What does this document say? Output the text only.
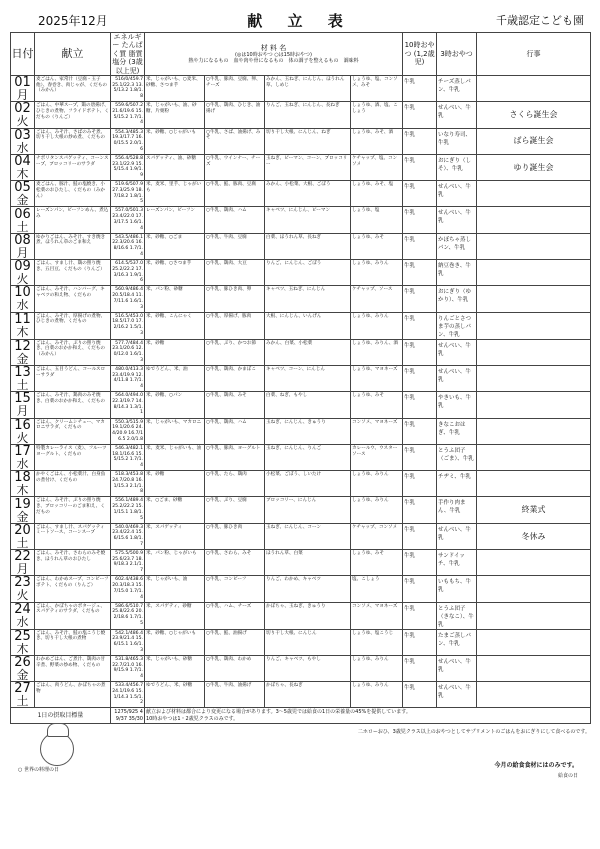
2025年12月	献 立 表	千歳認定こども園
日付	献立	エネルギー たんぱく質 脂質 塩分 (3歳以上児)	材 料 名
(◎は10時おやつ ○は15時おやつ)
熱や力になるもの　 血や肉や骨になるもの　 体の調子を整えるもの　 調味料				10時おやつ (1,2歳児)	3時おやつ	行事

01
月	麦ごはん、家常汁（豆腐・玉子他）、春巻き、肉じゃが、くだもの（みかん）	516/0/459.7 25.1/22.3 13.5/13.2 1.8/1.8	米、じゃがいも、○麦米、砂糖、さつま芋	○牛乳、豚肉、豆腐、卵、チーズ	みかん、玉ねぎ、にんじん、ほうれん草、しめじ	しょうゆ、塩、コンソメ、みそ	牛乳	チーズ蒸しパン、牛乳	

02
火	ごはん、中華スープ、鶏の唐揚げ、ひじきの煮物、フライドポテト、くだもの（りんご）	559.6/507.2 21.6/19.6 15.5/15.2 1.7/1.4	米、じゃがいも、油、砂糖、片栗粉	○牛乳、鶏肉、ひじき、油揚げ	りんご、玉ねぎ、にんじん、長ねぎ	しょうゆ、酒、塩、こしょう	牛乳	せんべい、牛乳	さくら誕生会

03
水	ごはん、みそ汁、さばのみそ煮、切り干し大根の炒め煮、くだもの	554.3/485.3 19.3/17.7 16.0/15.5 2.0/1.6	米、砂糖、○じゃがいも	○牛乳、さば、油揚げ、みそ	切り干し大根、にんじん、ねぎ	しょうゆ、みそ、酒	牛乳	いなり寿司、牛乳	ばら誕生会

04
木	ナポリタンスパゲッティ、コーンスープ、ブロッコリーのサラダ	556.4/528.8 23.1/22.9 15.5/15.4 1.9/1.9	スパゲッティ、油、砂糖	○牛乳、ウインナー、チーズ	玉ねぎ、ピーマン、コーン、ブロッコリー	ケチャップ、塩、コンソメ	牛乳	おにぎり（しそ）、牛乳	ゆり誕生会

05
金	麦ごはん、豚汁、鮭の塩焼き、小松菜のおひたし、くだもの（みかん）	519.6/507.9 27.3/25.9 18.7/18.2 1.8/1.5	米、麦米、里芋、じゃがいも	○牛乳、鮭、豚肉、豆腐	みかん、小松菜、大根、ごぼう	しょうゆ、みそ、塩	牛乳	せんべい、牛乳	

06
土	レーズンパン、ビーフンめん、煮込み	557.0/501.3 23.4/22.0 17.3/17.5 1.6/1.4	レーズンパン、ビーフン	○牛乳、鶏肉、ハム	キャベツ、にんじん、ピーマン	しょうゆ、塩	牛乳	せんべい、牛乳	

08
月	ゆかりごはん、みそ汁、すき焼き煮、ほうれん草のごま和え	543.5/486.1 22.3/20.6 16.8/16.6 1.7/1.4	米、砂糖、○ごま	○牛乳、牛肉、豆腐	白菜、ほうれん草、長ねぎ	しょうゆ、みそ	牛乳	かぼちゃ蒸しパン、牛乳	

09
火	ごはん、すまし汁、鶏の照り焼き、五目豆、くだもの（りんご）	614.5/537.0 25.2/22.2 17.3/16.3 1.9/1.6	米、砂糖、○さつま芋	○牛乳、鶏肉、大豆	りんご、にんじん、ごぼう	しょうゆ、みりん	牛乳	納豆巻き、牛乳	

10
水	ごはん、みそ汁、ハンバーグ、キャベツの和え物、くだもの	560.9/486.4 20.5/18.4 11.7/11.6 1.6/1.3	米、パン粉、砂糖	○牛乳、豚ひき肉、卵	キャベツ、玉ねぎ、にんじん	ケチャップ、ソース	牛乳	おにぎり（ゆかり）、牛乳	

11
木	ごはん、みそ汁、厚揚げの煮物、ひじきの煮物、くだもの	516.5/453.0 18.5/17.0 17.2/16.2 1.5/1.3	米、砂糖、こんにゃく	○牛乳、厚揚げ、豚肉	大根、にんじん、いんげん	しょうゆ、みりん	牛乳	りんごとさつま芋の蒸しパン、牛乳	

12
金	ごはん、みそ汁、ぶりの照り焼き、白菜のおかか和え、くだもの（みかん）	577.7/484.4 23.1/20.6 12.0/12.0 1.6/1.3	米、砂糖	○牛乳、ぶり、かつお節	みかん、白菜、小松菜	しょうゆ、みりん、酒	牛乳	せんべい、牛乳	

13
土	ごはん、五目うどん、コールスローサラダ	480.0/413.3 23.4/19.9 12.4/11.8 1.7/1.4	ゆでうどん、米、油	○牛乳、鶏肉、かまぼこ	キャベツ、コーン、にんじん	しょうゆ、マヨネーズ	牛乳	せんべい、牛乳	

15
月	ごはん、みそ汁、鶏肉のみそ焼き、白菜のおかか和え、くだもの	564.0/494.0 22.3/19.7 14.8/14.3 1.3/1.1	米、砂糖、○パン	○牛乳、鶏肉、みそ	白菜、ねぎ、もやし	しょうゆ、みそ	牛乳	やきいも、牛乳	

16
火	ごはん、クリームシチュー、マカロニサラダ、くだもの	550.3/515.9 19.1/20.6 24.4/20.9 16.7/16.5 2.0/1.8	米、じゃがいも、マカロニ	○牛乳、鶏肉、ハム	玉ねぎ、にんじん、きゅうり	コンソメ、マヨネーズ	牛乳	きなこおはぎ、牛乳	

17
水	特製カレーライス（麦）、フルーツヨーグルト、くだもの	546.3/482.1 18.1/16.6 15.5/15.2 1.7/1.4	米、麦米、じゃがいも、油	○牛乳、豚肉、ヨーグルト	玉ねぎ、にんじん、りんご	カレールウ、ウスターソース	牛乳	とうふ団子（ごま）、牛乳	

18
木	かやくごはん、小松菜汁、白身魚の煮付け、くだもの	518.3/453.8 24.7/20.8 16.1/15.3 2.1/1.8	米、砂糖	○牛乳、たら、鶏肉	小松菜、ごぼう、しいたけ	しょうゆ、みりん	牛乳	チヂミ、牛乳	

19
金	ごはん、みそ汁、ぶりの照り焼き、ブロッコリーのごま和え、くだもの	556.1/489.4 25.2/22.2 15.1/15.1 1.8/1.5	米、○ごま、砂糖	○牛乳、ぶり、豆腐	ブロッコリー、にんじん	しょうゆ、みりん	牛乳	手作り肉まん、牛乳	終業式

20
土	ごはん、すまし汁、スパゲッティミートソース、コーンスープ	540.0/469.3 23.4/22.4 15.6/15.6 1.8/1.7	米、スパゲッティ	○牛乳、豚ひき肉	玉ねぎ、にんじん、コーン	ケチャップ、コンソメ	牛乳	せんべい、牛乳	冬休み

22
月	ごはん、みそ汁、さわらのみそ焼き、ほうれん草のおひたし	575.5/500.9 25.6/23.7 18.9/18.3 2.1/1.7	米、パン粉、じゃがいも	○牛乳、さわら、みそ	ほうれん草、白菜	しょうゆ、みそ	牛乳	サンドイッチ、牛乳	

23
火	ごはん、わかめスープ、コンビーフポテト、くだもの（りんご）	602.4/438.6 20.3/18.3 15.7/15.0 1.7/1.4	米、じゃがいも、油	○牛乳、コンビーフ	りんご、わかめ、キャベツ	塩、こしょう	牛乳	いももち、牛乳	

24
水	ごはん、かぼちゃのポタージュ、スパゲティのサラダ、くだもの	586.6/510.7 25.8/22.6 20.2/18.6 1.7/1.5	米、スパゲティ、砂糖	○牛乳、ハム、チーズ	かぼちゃ、玉ねぎ、きゅうり	コンソメ、マヨネーズ	牛乳	とうふ団子（きなこ）、牛乳	

25
木	ごはん、みそ汁、鮭の塩こうじ焼き、切り干し大根の煮物	542.1/486.4 23.9/21.4 15.6/15.1 1.6/1.3	米、砂糖、○じゃがいも	○牛乳、鮭、油揚げ	切り干し大根、にんじん	しょうゆ、塩こうじ	牛乳	たまご蒸しパン、牛乳	

26
金	わかめごはん、ご煮汁、鶏肉の甘辛煮、野菜の炒め物、くだもの	531.8/465.3 22.7/21.0 16.9/15.9 1.7/1.4	米、じゃがいも、砂糖	○牛乳、鶏肉、わかめ	りんご、キャベツ、もやし	しょうゆ、みりん	牛乳	せんべい、牛乳	

27
土	ごはん、肉うどん、かぼちゃの煮物	533.4/456.7 24.1/19.6 15.1/14.3 1.5/1.2	ゆでうどん、米、砂糖	○牛乳、牛肉、油揚げ	かぼちゃ、長ねぎ	しょうゆ、みりん	牛乳	せんべい、牛乳	
1日の摂取目標量		1275/925 49/37 35/30	献立および材料は都合により変更になる場合があります。3〜5歳児では給食の1日の栄養量の45%を提供しています。
10時おやつは1・2歳児クラスのみです。						
○ 世界の料理の日
二ホローおひ、3歳児クラス以上のおやつとしてサプリメントのごはんをおにぎりにして食べるのです。
今月の給食食材にはのみです。
給食の日
